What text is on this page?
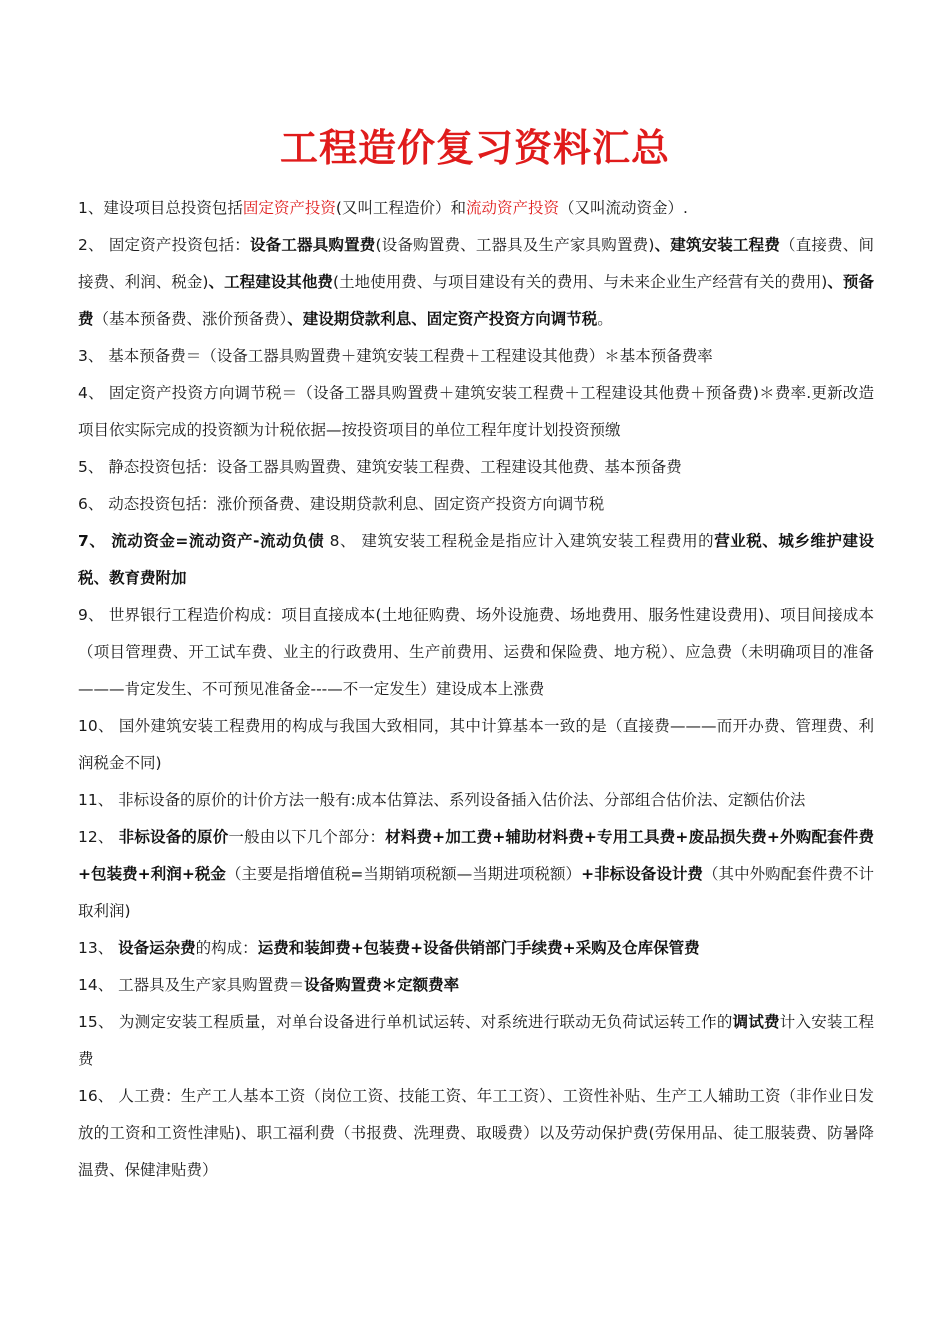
工程造价复习资料汇总

1、建设项目总投资包括固定资产投资(又叫工程造价）和流动资产投资（又叫流动资金）.

2、 固定资产投资包括：设备工器具购置费(设备购置费、工器具及生产家具购置费)、建筑安装工程费（直接费、间接费、利润、税金)、工程建设其他费(土地使用费、与项目建设有关的费用、与未来企业生产经营有关的费用)、预备费（基本预备费、涨价预备费）、建设期贷款利息、固定资产投资方向调节税。

3、 基本预备费＝（设备工器具购置费＋建筑安装工程费＋工程建设其他费）＊基本预备费率

4、 固定资产投资方向调节税＝（设备工器具购置费＋建筑安装工程费＋工程建设其他费＋预备费)＊费率.更新改造项目依实际完成的投资额为计税依据—按投资项目的单位工程年度计划投资预缴

5、 静态投资包括：设备工器具购置费、建筑安装工程费、工程建设其他费、基本预备费

6、 动态投资包括：涨价预备费、建设期贷款利息、固定资产投资方向调节税

7、 流动资金=流动资产-流动负债 8、 建筑安装工程税金是指应计入建筑安装工程费用的营业税、城乡维护建设税、教育费附加

9、 世界银行工程造价构成：项目直接成本(土地征购费、场外设施费、场地费用、服务性建设费用)、项目间接成本（项目管理费、开工试车费、业主的行政费用、生产前费用、运费和保险费、地方税）、应急费（未明确项目的准备———肯定发生、不可预见准备金---—不一定发生）建设成本上涨费

10、 国外建筑安装工程费用的构成与我国大致相同，其中计算基本一致的是（直接费———而开办费、管理费、利润税金不同)

11、 非标设备的原价的计价方法一般有:成本估算法、系列设备插入估价法、分部组合估价法、定额估价法

12、 非标设备的原价一般由以下几个部分：材料费+加工费+辅助材料费+专用工具费+废品损失费+外购配套件费+包装费+利润+税金（主要是指增值税=当期销项税额—当期进项税额）+非标设备设计费（其中外购配套件费不计取利润)

13、 设备运杂费的构成：运费和装卸费+包装费+设备供销部门手续费+采购及仓库保管费

14、 工器具及生产家具购置费＝设备购置费＊定额费率

15、 为测定安装工程质量，对单台设备进行单机试运转、对系统进行联动无负荷试运转工作的调试费计入安装工程费

16、 人工费：生产工人基本工资（岗位工资、技能工资、年工工资）、工资性补贴、生产工人辅助工资（非作业日发放的工资和工资性津贴)、职工福利费（书报费、洗理费、取暖费）以及劳动保护费(劳保用品、徒工服装费、防暑降温费、保健津贴费）
